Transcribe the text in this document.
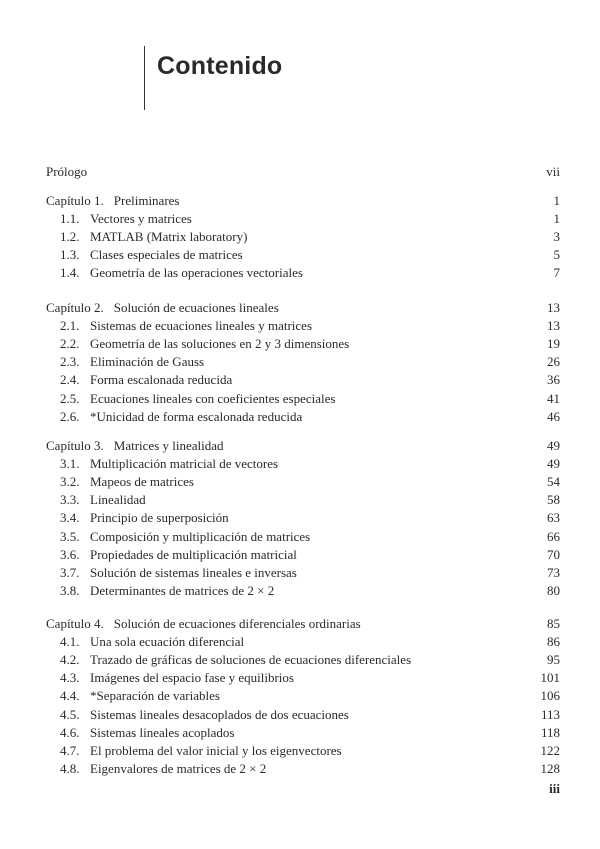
Contenido
Prólogo	vii
Capítulo 1. Preliminares	1
1.1. Vectores y matrices	1
1.2. MATLAB (Matrix laboratory)	3
1.3. Clases especiales de matrices	5
1.4. Geometría de las operaciones vectoriales	7
Capítulo 2. Solución de ecuaciones lineales	13
2.1. Sistemas de ecuaciones lineales y matrices	13
2.2. Geometría de las soluciones en 2 y 3 dimensiones	19
2.3. Eliminación de Gauss	26
2.4. Forma escalonada reducida	36
2.5. Ecuaciones lineales con coeficientes especiales	41
2.6. *Unicidad de forma escalonada reducida	46
Capítulo 3. Matrices y linealidad	49
3.1. Multiplicación matricial de vectores	49
3.2. Mapeos de matrices	54
3.3. Linealidad	58
3.4. Principio de superposición	63
3.5. Composición y multiplicación de matrices	66
3.6. Propiedades de multiplicación matricial	70
3.7. Solución de sistemas lineales e inversas	73
3.8. Determinantes de matrices de 2 × 2	80
Capítulo 4. Solución de ecuaciones diferenciales ordinarias	85
4.1. Una sola ecuación diferencial	86
4.2. Trazado de gráficas de soluciones de ecuaciones diferenciales	95
4.3. Imágenes del espacio fase y equilibrios	101
4.4. *Separación de variables	106
4.5. Sistemas lineales desacoplados de dos ecuaciones	113
4.6. Sistemas lineales acoplados	118
4.7. El problema del valor inicial y los eigenvectores	122
4.8. Eigenvalores de matrices de 2 × 2	128
iii
